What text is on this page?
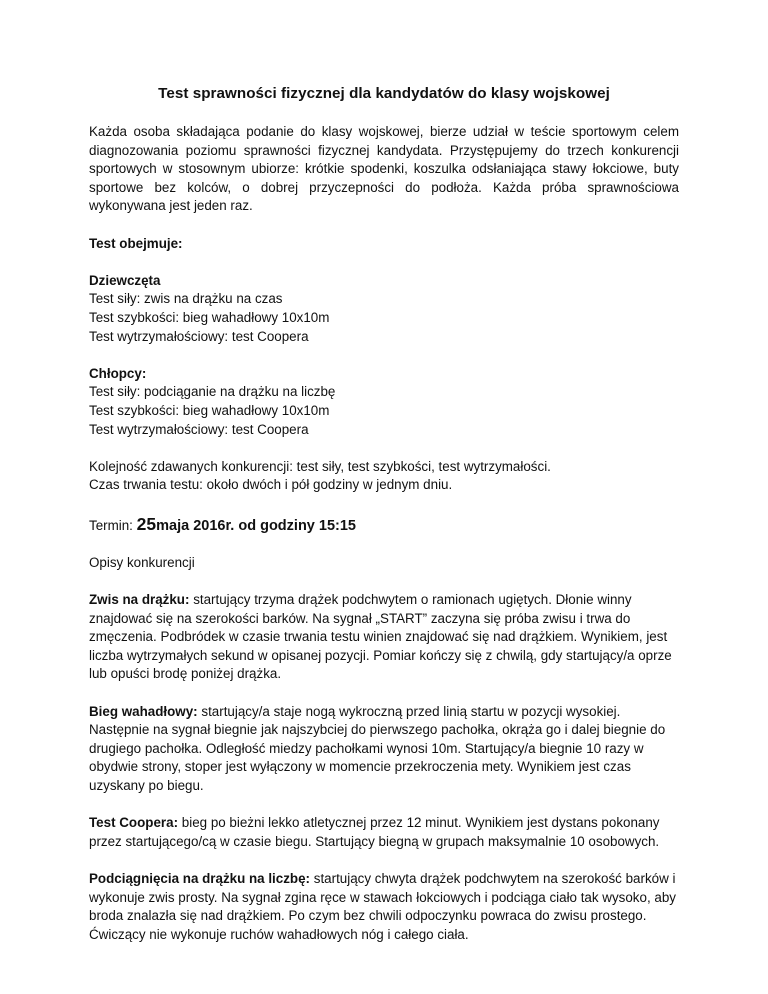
Test sprawności fizycznej dla kandydatów do klasy wojskowej

Każda osoba składająca podanie do klasy wojskowej, bierze udział w teście sportowym celem diagnozowania poziomu sprawności fizycznej kandydata. Przystępujemy do trzech konkurencji sportowych w stosownym ubiorze: krótkie spodenki, koszulka odsłaniająca stawy łokciowe, buty sportowe bez kolców, o dobrej przyczepności do podłoża. Każda próba sprawnościowa wykonywana jest jeden raz.

Test obejmuje:

Dziewczęta

Test siły: zwis na drążku na czas

Test szybkości: bieg wahadłowy 10x10m

Test wytrzymałościowy: test Coopera

Chłopcy:

Test siły: podciąganie na drążku na liczbę

Test szybkości: bieg wahadłowy 10x10m

Test wytrzymałościowy: test Coopera

Kolejność zdawanych konkurencji: test siły, test szybkości, test wytrzymałości.

Czas trwania testu: około dwóch i pół godziny w jednym dniu.

Termin: 25maja 2016r. od godziny 15:15

Opisy konkurencji

Zwis na drążku: startujący trzyma drążek podchwytem o ramionach ugiętych. Dłonie winny znajdować się na szerokości barków. Na sygnał „START” zaczyna się próba zwisu i trwa do zmęczenia. Podbródek w czasie trwania testu winien znajdować się nad drążkiem. Wynikiem, jest liczba wytrzymałych sekund w opisanej pozycji. Pomiar kończy się z chwilą, gdy startujący/a oprze lub opuści brodę poniżej drążka.

Bieg wahadłowy: startujący/a staje nogą wykroczną przed linią startu w pozycji wysokiej. Następnie na sygnał biegnie jak najszybciej do pierwszego pachołka, okrąża go i dalej biegnie do drugiego pachołka. Odległość miedzy pachołkami wynosi 10m. Startujący/a biegnie 10 razy w obydwie strony, stoper jest wyłączony w momencie przekroczenia mety. Wynikiem jest czas uzyskany po biegu.

Test Coopera: bieg po bieżni lekko atletycznej przez 12 minut. Wynikiem jest dystans pokonany przez startującego/cą w czasie biegu. Startujący biegną w grupach maksymalnie 10 osobowych.

Podciągnięcia na drążku na liczbę: startujący chwyta drążek podchwytem na szerokość barków i wykonuje zwis prosty. Na sygnał zgina ręce w stawach łokciowych i podciąga ciało tak wysoko, aby broda znalazła się nad drążkiem. Po czym bez chwili odpoczynku powraca do zwisu prostego. Ćwiczący nie wykonuje ruchów wahadłowych nóg i całego ciała.
